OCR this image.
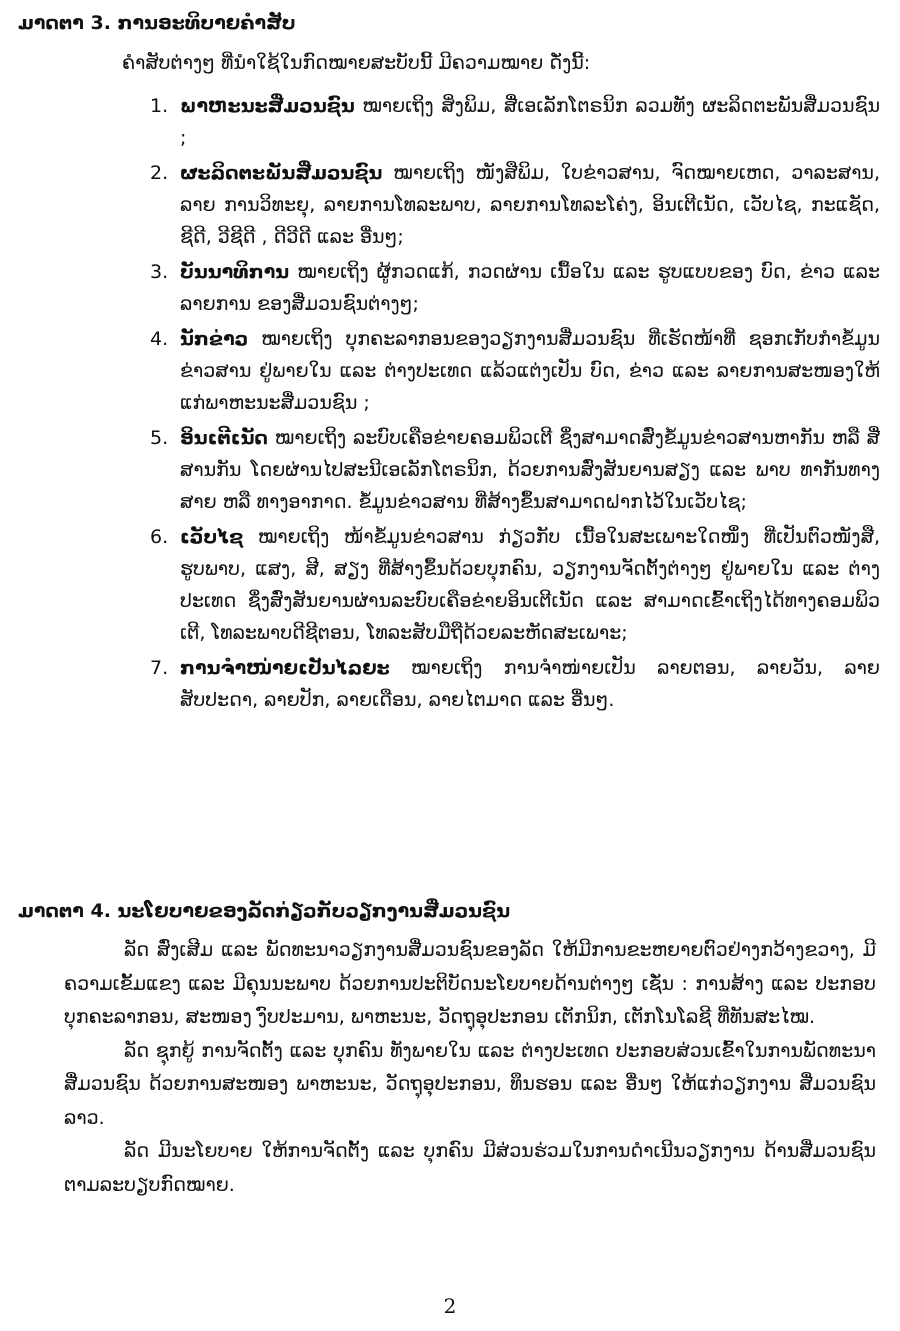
ມາດຕາ 3. ການອະທິບາຍຄໍາສັບ
ຄໍາສັບຕ່າງໆ ທີ່ນໍາໃຊ້ໃນກົດໝາຍສະບັບນີ້ ມີຄວາມໝາຍ ດັ່ງນີ້:
1. ພາຫະນະສື່ມວນຊົນ ໝາຍເຖິງ ສິ່ງພິມ, ສື່ເອເລັກໂຕຣນິກ ລວມທັງ ຜະລິດຕະພັນສື່ມວນຊົນ ;
2. ຜະລິດຕະພັນສື່ມວນຊົນ ໝາຍເຖິງ ໜັງສືພິມ, ໃບຂ່າວສານ, ຈົດໝາຍເຫດ, ວາລະສານ, ລາຍ ການວິທະຍຸ, ລາຍການໂທລະພາບ, ລາຍການໂທລະໂຄ່ງ, ອິນເຕີເນັດ, ເວັບໄຊ, ກະແຊັດ, ຊີດີ, ວີຊີດີ , ດີວີດີ ແລະ ອື່ນໆ;
3. ບັນນາທິການ ໝາຍເຖິງ ຜູ້ກວດແກ້, ກວດຜ່ານ ເນື້ອໃນ ແລະ ຮູບແບບຂອງ ບົດ, ຂ່າວ ແລະ ລາຍການ ຂອງສື່ມວນຊົນຕ່າງໆ;
4. ນັກຂ່າວ ໝາຍເຖິງ ບຸກຄະລາກອນຂອງວຽກງານສື່ມວນຊົນ ທີ່ເຮັດໜ້າທີ່ ຊອກເກັບກໍາຂໍ້ມູນຂ່າວສານ ຢູ່ພາຍໃນ ແລະ ຕ່າງປະເທດ ແລ້ວແຕ່ງເປັນ ບົດ, ຂ່າວ ແລະ ລາຍການສະໜອງໃຫ້ແກ່ພາຫະນະສື່ມວນຊົນ ;
5. ອິນເຕີເນັດ ໝາຍເຖິງ ລະບົບເຄືອຂ່າຍຄອມພິວເຕີ ຊຶ່ງສາມາດສົ່ງຂໍ້ມູນຂ່າວສານຫາກັນ ຫລື ສື່ສານກັນ ໂດຍຜ່ານໄປສະນີເອເລັກໂຕຣນິກ, ດ້ວຍການສົ່ງສັນຍານສຽງ ແລະ ພາບ ທາກັນທາງສາຍ ຫລື ທາງອາກາດ. ຂໍ້ມູນຂ່າວສານ ທີ່ສ້າງຂຶ້ນສາມາດຝາກໄວ້ໃນເວັບໄຊ;
6. ເວັບໄຊ ໝາຍເຖິງ ໜ້າຂໍ້ມູນຂ່າວສານ ກ່ຽວກັບ ເນື້ອໃນສະເພາະໃດໜຶ່ງ ທີ່ເປັນຕົວໜັງສື, ຮູບພາບ, ແສງ, ສີ, ສຽງ ທີ່ສ້າງຂຶ້ນດ້ວຍບຸກຄົນ, ວຽກງານຈັດຕັ້ງຕ່າງໆ ຢູ່ພາຍໃນ ແລະ ຕ່າງປະເທດ ຊຶ່ງສົ່ງສັນຍານຜ່ານລະບົບເຄືອຂ່າຍອິນເຕີເນັດ ແລະ ສາມາດເຂົ້າເຖິງໄດ້ທາງຄອມພິວເຕີ, ໂທລະພາບດີຊີຕອນ, ໂທລະສັບມືຖືດ້ວຍລະຫັດສະເພາະ;
7. ການຈໍາໜ່າຍເປັນໄລຍະ ໝາຍເຖິງ ການຈໍາໜ່າຍເປັນ ລາຍຕອນ, ລາຍວັນ, ລາຍສັບປະດາ, ລາຍປັກ, ລາຍເດືອນ, ລາຍໄຕມາດ ແລະ ອື່ນໆ.
ມາດຕາ 4. ນະໂຍບາຍຂອງລັດກ່ຽວກັບວຽກງານສື່ມວນຊົນ

ລັດ ສົ່ງເສີມ ແລະ ພັດທະນາວຽກງານສື່ມວນຊົນຂອງລັດ ໃຫ້ມີການຂະຫຍາຍຕົວຢ່າງກວ້າງຂວາງ, ມີຄວາມເຂັ້ມແຂງ ແລະ ມີຄຸນນະພາບ ດ້ວຍການປະຕິບັດນະໂຍບາຍດ້ານຕ່າງໆ ເຊັ່ນ : ການສ້າງ ແລະ ປະກອບບຸກຄະລາກອນ, ສະໜອງ ງົບປະມານ, ພາຫະນະ, ວັດຖຸອຸປະກອນ ເຕັກນິກ, ເຕັກໂນໂລຊີ ທີ່ທັນສະໄໝ.

ລັດ ຊຸກຍູ້ ການຈັດຕັ້ງ ແລະ ບຸກຄົນ ທັງພາຍໃນ ແລະ ຕ່າງປະເທດ ປະກອບສ່ວນເຂົ້າໃນການພັດທະນາ ສື່ມວນຊົນ ດ້ວຍການສະໜອງ ພາຫະນະ, ວັດຖຸອຸປະກອນ, ທຶນຮອນ ແລະ ອື່ນໆ ໃຫ້ແກ່ວຽກງານ ສື່ມວນຊົນລາວ.

ລັດ ມີນະໂຍບາຍ ໃຫ້ການຈັດຕັ້ງ ແລະ ບຸກຄົນ ມີສ່ວນຮ່ວມໃນການດໍາເນີນວຽກງານ ດ້ານສື່ມວນຊົນ ຕາມລະບຽບກົດໝາຍ.

2
